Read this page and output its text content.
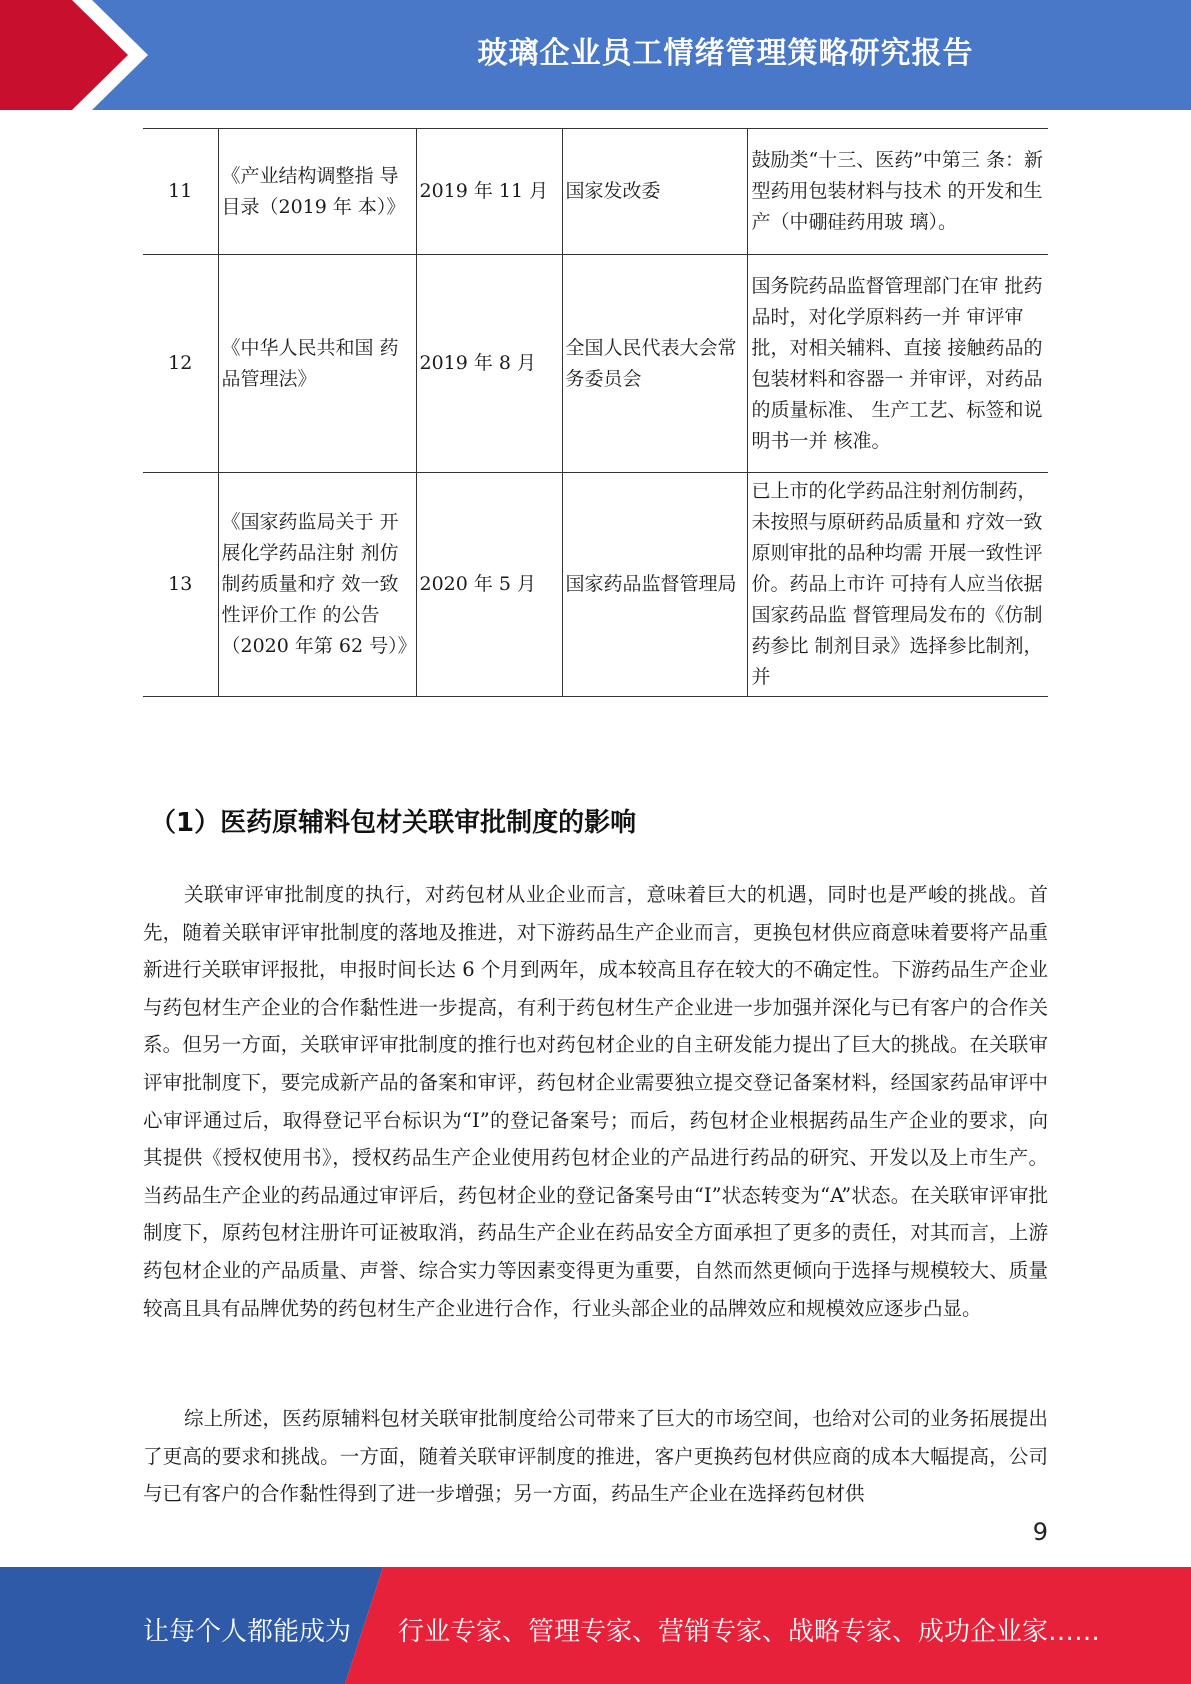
玻璃企业员工情绪管理策略研究报告
11	《产业结构调整指 导目录（2019 年 本）》	2019 年 11 月	国家发改委	鼓励类“十三、医药”中第三 条：新型药用包装材料与技术 的开发和生产（中硼硅药用玻 璃）。
12	《中华人民共和国 药品管理法》	2019 年 8 月	全国人民代表大会常务委员会	国务院药品监督管理部门在审 批药品时，对化学原料药一并 审评审批，对相关辅料、直接 接触药品的包装材料和容器一 并审评，对药品的质量标准、 生产工艺、标签和说明书一并 核准。
13	《国家药监局关于 开展化学药品注射 剂仿制药质量和疗 效一致性评价工作 的公告（2020 年第 62 号）》	2020 年 5 月	国家药品监督管理局	已上市的化学药品注射剂仿制药，未按照与原研药品质量和 疗效一致原则审批的品种均需 开展一致性评价。药品上市许 可持有人应当依据国家药品监 督管理局发布的《仿制药参比 制剂目录》选择参比制剂，并
（1）医药原辅料包材关联审批制度的影响

关联审评审批制度的执行，对药包材从业企业而言，意味着巨大的机遇，同时也是严峻的挑战。首先，随着关联审评审批制度的落地及推进，对下游药品生产企业而言，更换包材供应商意味着要将产品重新进行关联审评报批，申报时间长达 6 个月到两年，成本较高且存在较大的不确定性。下游药品生产企业与药包材生产企业的合作黏性进一步提高，有利于药包材生产企业进一步加强并深化与已有客户的合作关系。但另一方面，关联审评审批制度的推行也对药包材企业的自主研发能力提出了巨大的挑战。在关联审评审批制度下，要完成新产品的备案和审评，药包材企业需要独立提交登记备案材料，经国家药品审评中心审评通过后，取得登记平台标识为“I”的登记备案号；而后，药包材企业根据药品生产企业的要求，向其提供《授权使用书》，授权药品生产企业使用药包材企业的产品进行药品的研究、开发以及上市生产。当药品生产企业的药品通过审评后，药包材企业的登记备案号由“I”状态转变为“A”状态。在关联审评审批制度下，原药包材注册许可证被取消，药品生产企业在药品安全方面承担了更多的责任，对其而言，上游药包材企业的产品质量、声誉、综合实力等因素变得更为重要，自然而然更倾向于选择与规模较大、质量较高且具有品牌优势的药包材生产企业进行合作，行业头部企业的品牌效应和规模效应逐步凸显。

综上所述，医药原辅料包材关联审批制度给公司带来了巨大的市场空间，也给对公司的业务拓展提出了更高的要求和挑战。一方面，随着关联审评制度的推进，客户更换药包材供应商的成本大幅提高，公司与已有客户的合作黏性得到了进一步增强；另一方面，药品生产企业在选择药包材供

9
让每个人都能成为 行业专家、管理专家、营销专家、战略专家、成功企业家……
